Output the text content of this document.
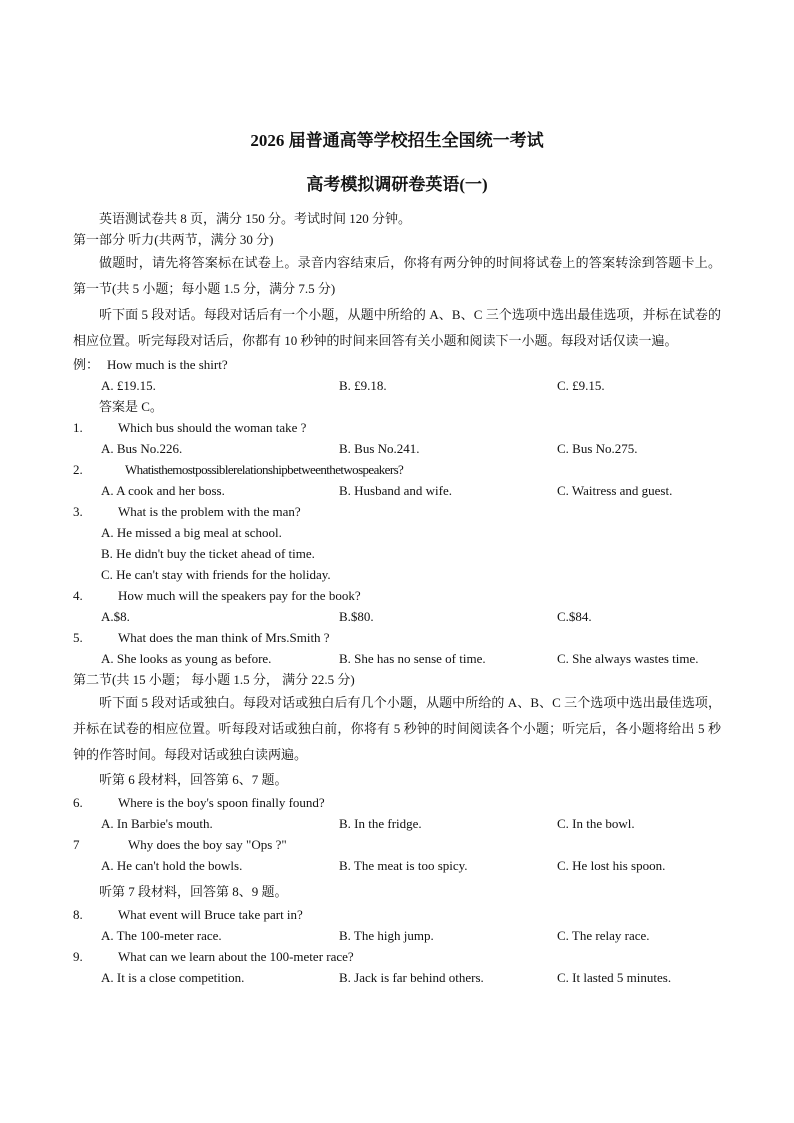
2026 届普通高等学校招生全国统一考试
高考模拟调研卷英语(一)
英语测试卷共 8 页，满分 150 分。考试时间 120 分钟。
第一部分 听力(共两节，满分 30 分)
做题时，请先将答案标在试卷上。录音内容结束后，你将有两分钟的时间将试卷上的答案转涂到答题卡上。第一节(共 5 小题；每小题 1.5 分，满分 7.5 分)
听下面 5 段对话。每段对话后有一个小题，从题中所给的 A、B、C 三个选项中选出最佳选项，并标在试卷的相应位置。听完每段对话后，你都有 10 秒钟的时间来回答有关小题和阅读下一小题。每段对话仅读一遍。
例： How much is the shirt?
A. £19.15.	B. £9.18.	C. £9.15.
答案是 C。
1.	Which bus should the woman take ?
A. Bus No.226.	B. Bus No.241.	C. Bus No.275.
2.	Whatisthemostpossiblerelationshipbetweenthetwospeakers?
A. A cook and her boss.	B. Husband and wife.	C. Waitress and guest.
3.	What is the problem with the man?
A. He missed a big meal at school.
B. He didn't buy the ticket ahead of time.
C. He can't stay with friends for the holiday.
4.	How much will the speakers pay for the book?
A.$8.	B.$80.	C.$84.
5.	What does the man think of Mrs.Smith ?
A. She looks as young as before.	B. She has no sense of time.	C. She always wastes time.
第二节(共 15 小题； 每小题 1.5 分， 满分 22.5 分)
听下面 5 段对话或独白。每段对话或独白后有几个小题，从题中所给的 A、B、C 三个选项中选出最佳选项，并标在试卷的相应位置。听每段对话或独白前，你将有 5 秒钟的时间阅读各个小题；听完后，各小题将给出 5 秒钟的作答时间。每段对话或独白读两遍。
听第 6 段材料，回答第 6、7 题。
6.	Where is the boy's spoon finally found?
A. In Barbie's mouth.	B. In the fridge.	C. In the bowl.
7	Why does the boy say "Ops ?"
A. He can't hold the bowls.	B. The meat is too spicy.	C. He lost his spoon.
听第 7 段材料，回答第 8、9 题。
8.	What event will Bruce take part in?
A. The 100-meter race.	B. The high jump.	C. The relay race.
9.	What can we learn about the 100-meter race?
A. It is a close competition.	B. Jack is far behind others.	C. It lasted 5 minutes.
